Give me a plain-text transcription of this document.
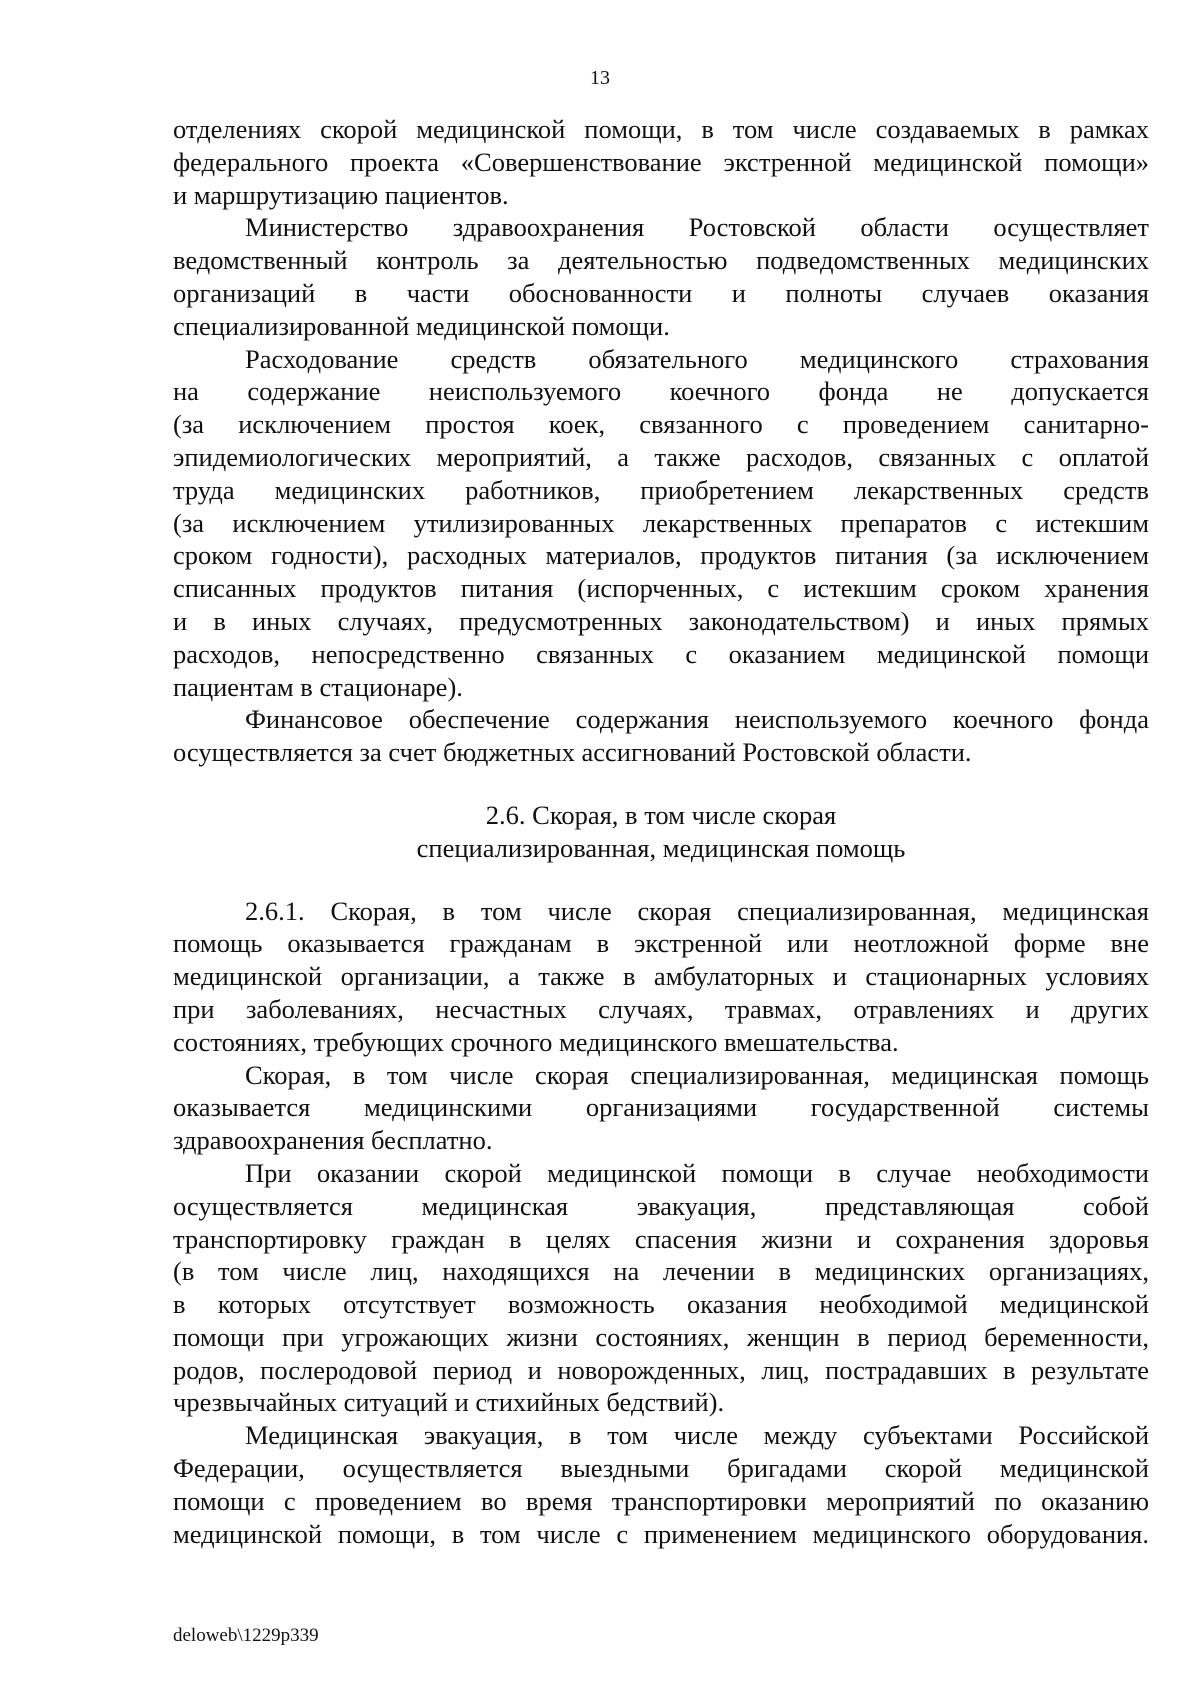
13
отделениях скорой медицинской помощи, в том числе создаваемых в рамках
федерального проекта «Совершенствование экстренной медицинской помощи»
и маршрутизацию пациентов.
Министерство здравоохранения Ростовской области осуществляет
ведомственный контроль за деятельностью подведомственных медицинских
организаций в части обоснованности и полноты случаев оказания
специализированной медицинской помощи.
Расходование средств обязательного медицинского страхования
на содержание неиспользуемого коечного фонда не допускается
(за исключением простоя коек, связанного с проведением санитарно-
эпидемиологических мероприятий, а также расходов, связанных с оплатой
труда медицинских работников, приобретением лекарственных средств
(за исключением утилизированных лекарственных препаратов с истекшим
сроком годности), расходных материалов, продуктов питания (за исключением
списанных продуктов питания (испорченных, с истекшим сроком хранения
и в иных случаях, предусмотренных законодательством) и иных прямых
расходов, непосредственно связанных с оказанием медицинской помощи
пациентам в стационаре).
Финансовое обеспечение содержания неиспользуемого коечного фонда
осуществляется за счет бюджетных ассигнований Ростовской области.
2.6. Скорая, в том числе скорая
специализированная, медицинская помощь
2.6.1. Скорая, в том числе скорая специализированная, медицинская
помощь оказывается гражданам в экстренной или неотложной форме вне
медицинской организации, а также в амбулаторных и стационарных условиях
при заболеваниях, несчастных случаях, травмах, отравлениях и других
состояниях, требующих срочного медицинского вмешательства.
Скорая, в том числе скорая специализированная, медицинская помощь
оказывается медицинскими организациями государственной системы
здравоохранения бесплатно.
При оказании скорой медицинской помощи в случае необходимости
осуществляется медицинская эвакуация, представляющая собой
транспортировку граждан в целях спасения жизни и сохранения здоровья
(в том числе лиц, находящихся на лечении в медицинских организациях,
в которых отсутствует возможность оказания необходимой медицинской
помощи при угрожающих жизни состояниях, женщин в период беременности,
родов, послеродовой период и новорожденных, лиц, пострадавших в результате
чрезвычайных ситуаций и стихийных бедствий).
Медицинская эвакуация, в том числе между субъектами Российской
Федерации, осуществляется выездными бригадами скорой медицинской
помощи с проведением во время транспортировки мероприятий по оказанию
медицинской помощи, в том числе с применением медицинского оборудования.
deloweb\1229p339
